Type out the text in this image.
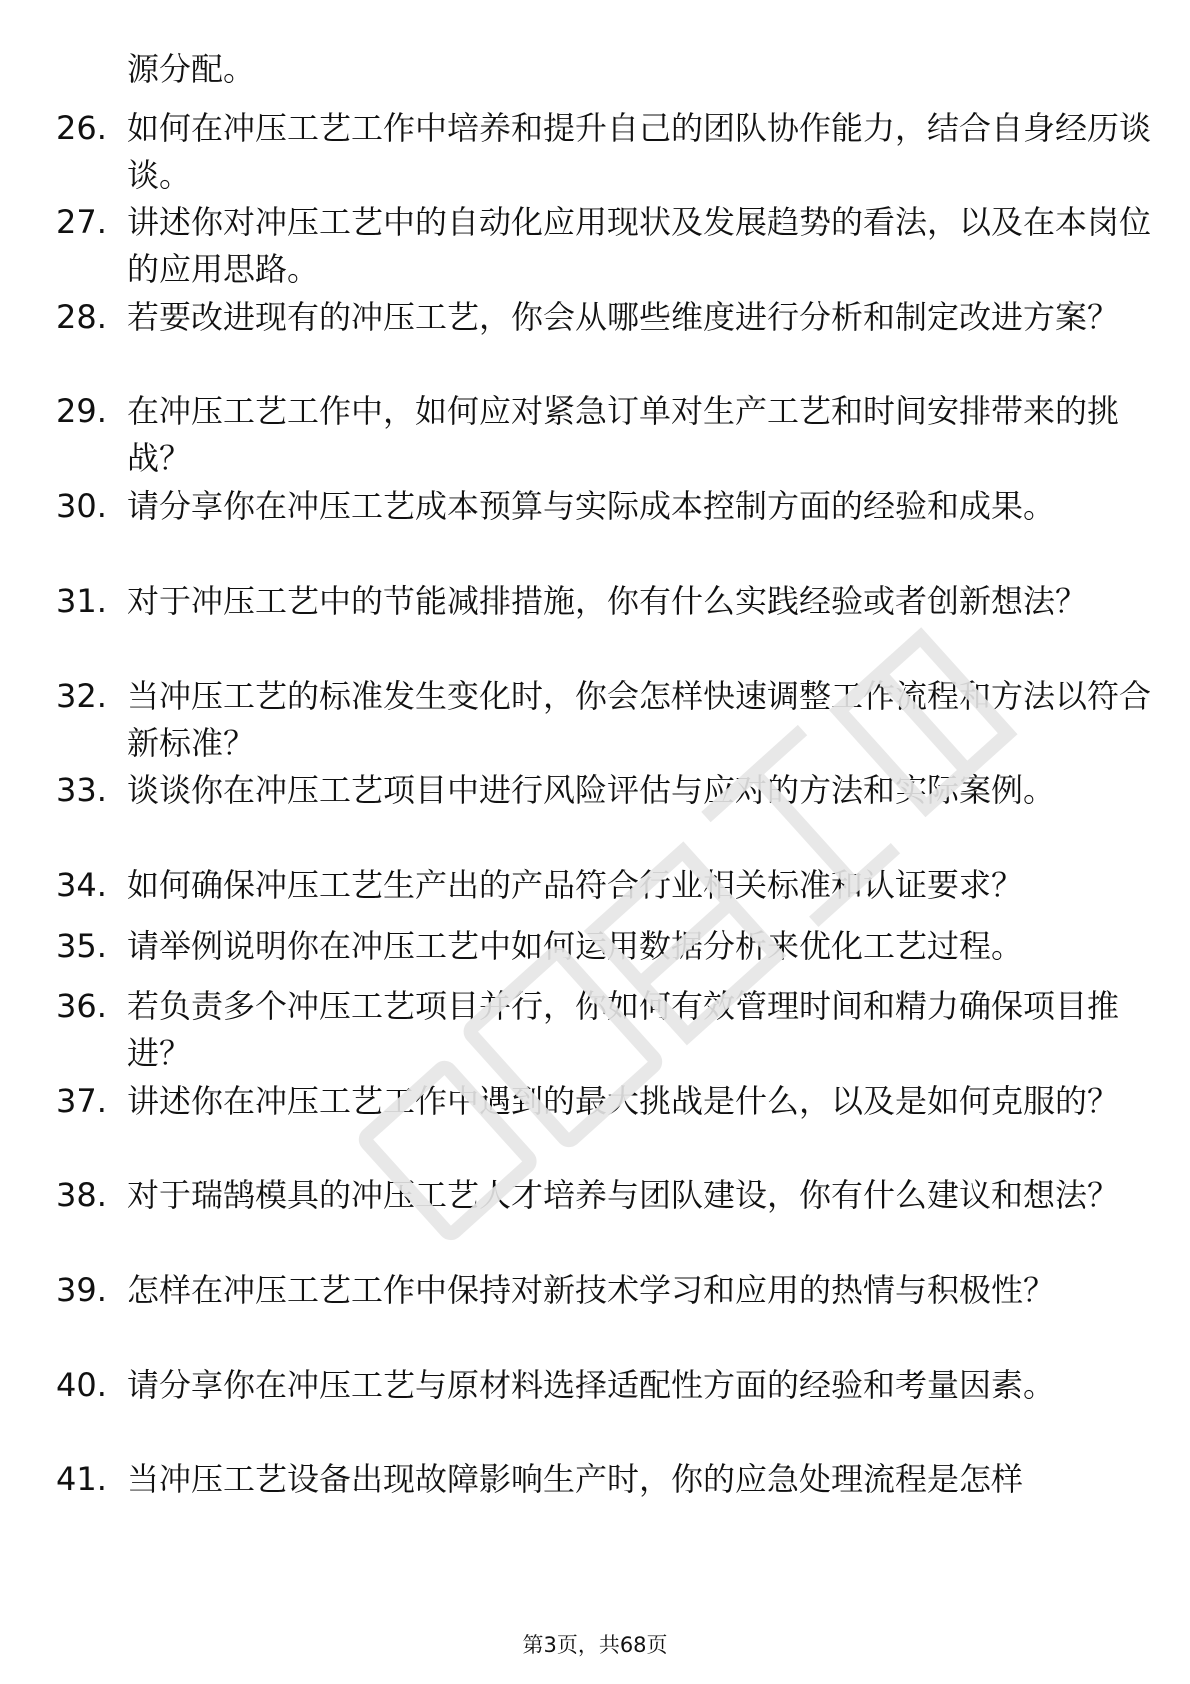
源分配。
26. 如何在冲压工艺工作中培养和提升自己的团队协作能力，结合自身经历谈谈。
27. 讲述你对冲压工艺中的自动化应用现状及发展趋势的看法，以及在本岗位的应用思路。
28. 若要改进现有的冲压工艺，你会从哪些维度进行分析和制定改进方案？
29. 在冲压工艺工作中，如何应对紧急订单对生产工艺和时间安排带来的挑战？
30. 请分享你在冲压工艺成本预算与实际成本控制方面的经验和成果。
31. 对于冲压工艺中的节能减排措施，你有什么实践经验或者创新想法？
32. 当冲压工艺的标准发生变化时，你会怎样快速调整工作流程和方法以符合新标准？
33. 谈谈你在冲压工艺项目中进行风险评估与应对的方法和实际案例。
34. 如何确保冲压工艺生产出的产品符合行业相关标准和认证要求？
35. 请举例说明你在冲压工艺中如何运用数据分析来优化工艺过程。
36. 若负责多个冲压工艺项目并行，你如何有效管理时间和精力确保项目推进？
37. 讲述你在冲压工艺工作中遇到的最大挑战是什么，以及是如何克服的？
38. 对于瑞鹄模具的冲压工艺人才培养与团队建设，你有什么建议和想法？
39. 怎样在冲压工艺工作中保持对新技术学习和应用的热情与积极性？
40. 请分享你在冲压工艺与原材料选择适配性方面的经验和考量因素。
41. 当冲压工艺设备出现故障影响生产时，你的应急处理流程是怎样
第3页，共68页
